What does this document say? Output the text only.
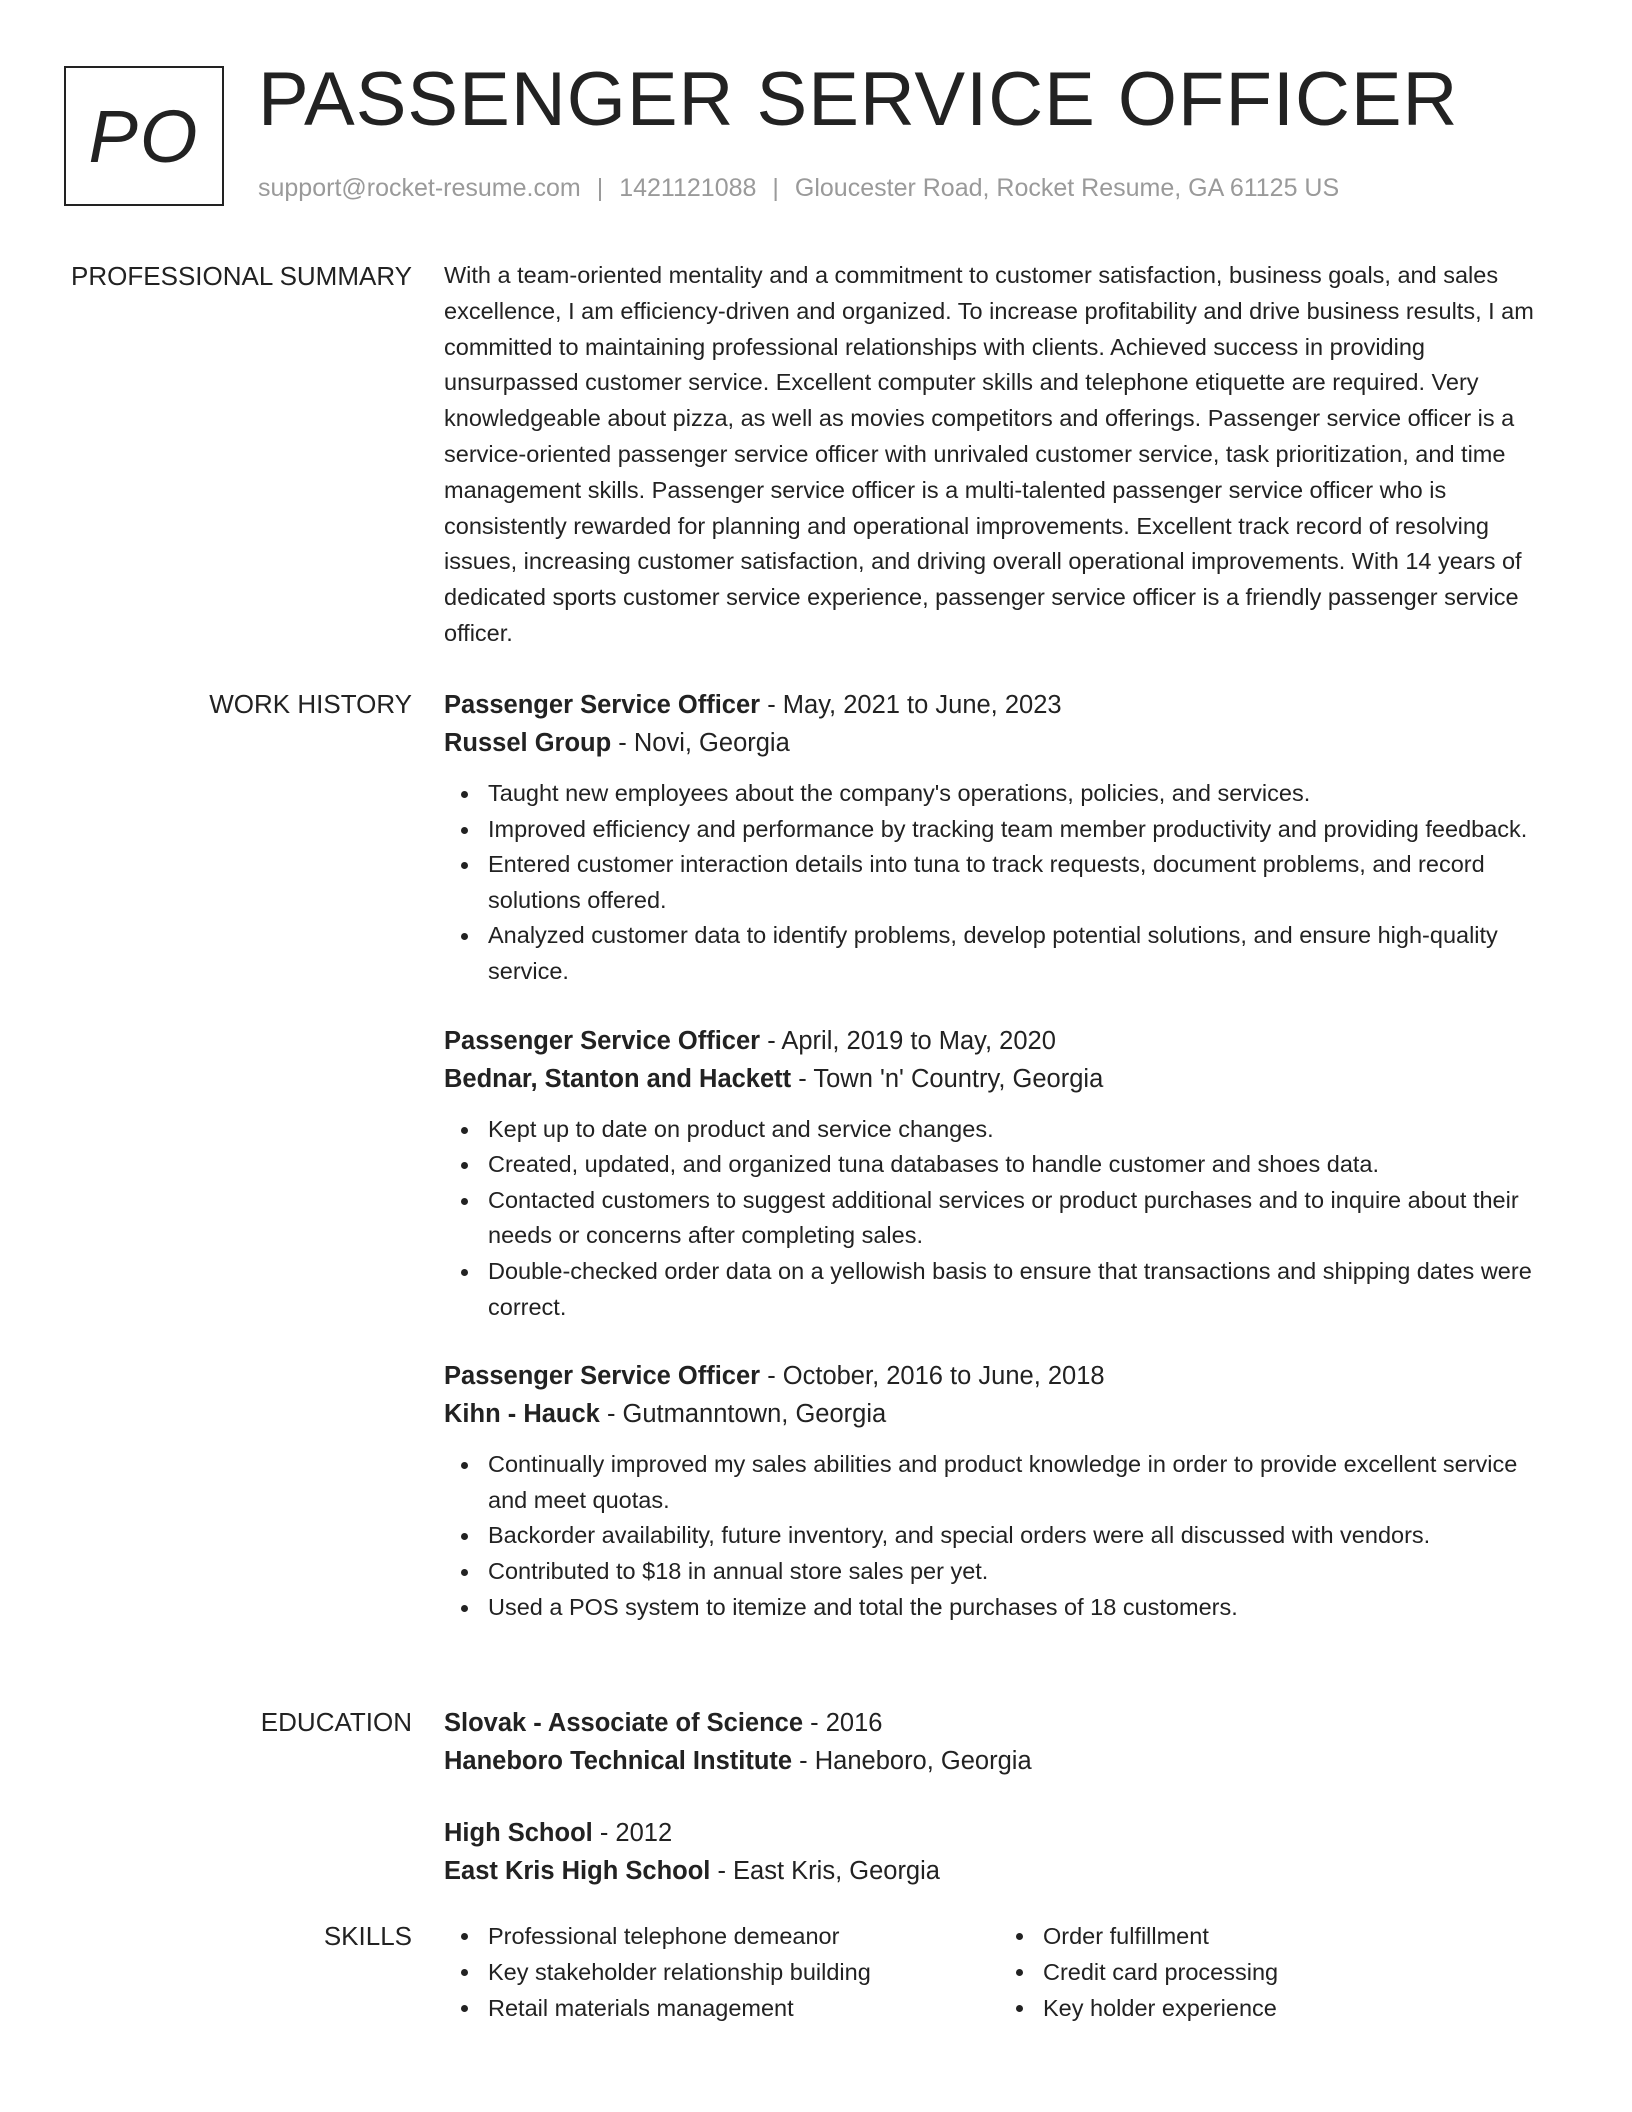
PO PASSENGER SERVICE OFFICER
support@rocket-resume.com | 1421121088 | Gloucester Road, Rocket Resume, GA 61125 US
PROFESSIONAL SUMMARY With a team-oriented mentality and a commitment to customer satisfaction, business goals, and sales excellence, I am efficiency-driven and organized. To increase profitability and drive business results, I am committed to maintaining professional relationships with clients. Achieved success in providing unsurpassed customer service. Excellent computer skills and telephone etiquette are required. Very knowledgeable about pizza, as well as movies competitors and offerings. Passenger service officer is a service-oriented passenger service officer with unrivaled customer service, task prioritization, and time management skills. Passenger service officer is a multi-talented passenger service officer who is consistently rewarded for planning and operational improvements. Excellent track record of resolving issues, increasing customer satisfaction, and driving overall operational improvements. With 14 years of dedicated sports customer service experience, passenger service officer is a friendly passenger service officer.

WORK HISTORY Passenger Service Officer - May, 2021 to June, 2023
Russel Group - Novi, Georgia
Taught new employees about the company's operations, policies, and services.
Improved efficiency and performance by tracking team member productivity and providing feedback.
Entered customer interaction details into tuna to track requests, document problems, and record solutions offered.
Analyzed customer data to identify problems, develop potential solutions, and ensure high-quality service.
Passenger Service Officer - April, 2019 to May, 2020
Bednar, Stanton and Hackett - Town 'n' Country, Georgia
Kept up to date on product and service changes.
Created, updated, and organized tuna databases to handle customer and shoes data.
Contacted customers to suggest additional services or product purchases and to inquire about their needs or concerns after completing sales.
Double-checked order data on a yellowish basis to ensure that transactions and shipping dates were correct.
Passenger Service Officer - October, 2016 to June, 2018
Kihn - Hauck - Gutmanntown, Georgia
Continually improved my sales abilities and product knowledge in order to provide excellent service and meet quotas.
Backorder availability, future inventory, and special orders were all discussed with vendors.
Contributed to $18 in annual store sales per yet.
Used a POS system to itemize and total the purchases of 18 customers.
EDUCATION Slovak - Associate of Science - 2016
Haneboro Technical Institute - Haneboro, Georgia
High School - 2012
East Kris High School - East Kris, Georgia
SKILLS	Professional telephone demeanor
Key stakeholder relationship building
Retail materials management
Order fulfillment
Credit card processing
Key holder experience
